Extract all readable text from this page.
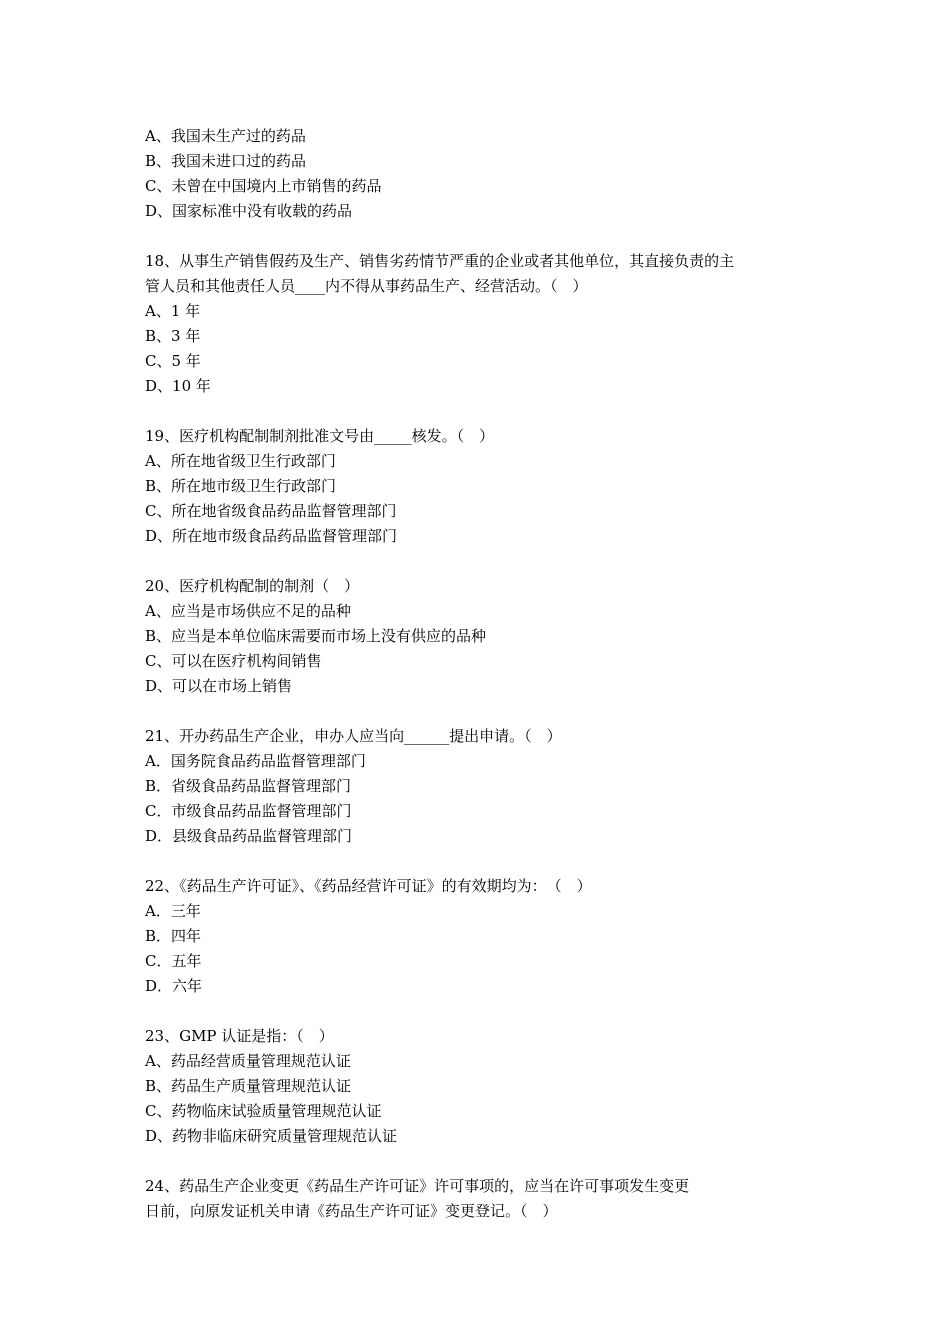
A、我国未生产过的药品
B、我国未进口过的药品
C、未曾在中国境内上市销售的药品
D、国家标准中没有收载的药品
18、从事生产销售假药及生产、销售劣药情节严重的企业或者其他单位，其直接负责的主
管人员和其他责任人员____内不得从事药品生产、经营活动。（　）
A、1 年
B、3 年
C、5 年
D、10 年
19、医疗机构配制制剂批准文号由_____核发。（　）
A、所在地省级卫生行政部门
B、所在地市级卫生行政部门
C、所在地省级食品药品监督管理部门
D、所在地市级食品药品监督管理部门
20、医疗机构配制的制剂（　）
A、应当是市场供应不足的品种
B、应当是本单位临床需要而市场上没有供应的品种
C、可以在医疗机构间销售
D、可以在市场上销售
21、开办药品生产企业，申办人应当向______提出申请。（　）
A．国务院食品药品监督管理部门
B．省级食品药品监督管理部门
C．市级食品药品监督管理部门
D．县级食品药品监督管理部门
22、《药品生产许可证》、《药品经营许可证》的有效期均为：　（　）
A．三年
B．四年
C．五年
D．六年
23、GMP 认证是指：（　）
A、药品经营质量管理规范认证
B、药品生产质量管理规范认证
C、药物临床试验质量管理规范认证
D、药物非临床研究质量管理规范认证
24、药品生产企业变更《药品生产许可证》许可事项的，应当在许可事项发生变更
日前，向原发证机关申请《药品生产许可证》变更登记。（　）
